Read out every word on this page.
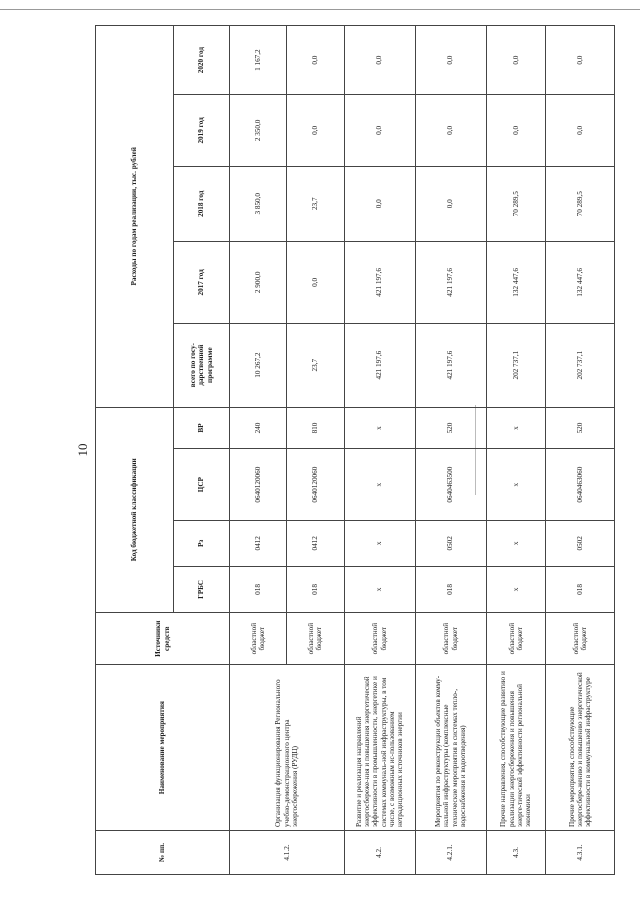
10
№ пп.	Наименование мероприятия	Источники средств	Код бюджетной классификации				Расходы по годам реализации, тыс. рублей				
			ГРБС	Рз	ЦСР	ВР	всего по госу-дарственной программе	2017 год	2018 год	2019 год	2020 год
4.1.2.	Организация функционирования Регионального учебно-демонстрационного центра энергосбережения (РУДЦ)	областной бюджет	018	0412	0640120060	240	10 267,2	2 900,0	3 850,0	2 350,0	1 167,2
		областной бюджет	018	0412	0640120060	810	23,7	0,0	23,7	0,0	0,0
4.2.	Развитие и реализация направлений энергосбереже-ния и повышения энергетической эффективности в промышленности, энергетике и системах коммуналь-ной инфраструктуры, в том числе, с возможным ис-пользованием нетрадиционных источников энергии	областной бюджет	х	х	х	х	421 197,6	421 197,6	0,0	0,0	0,0
4.2.1.	Мероприятия по реконструкции объектов комму-нальной инфраструктуры (комплексные технические мероприятия в системах тепло-, водоснабжения и водоотведения)	областной бюджет	018	0502	0640463500	520	421 197,6	421 197,6	0,0	0,0	0,0
4.3.	Прочие направления, способствующие развитию и реализации энергосбережения и повышения энерге-тической эффективности региональной экономики	областной бюджет	х	х	х	х	202 737,1	132 447,6	70 289,5	0,0	0,0
4.3.1.	Прочие мероприятия, способствующие энергосбере-жению и повышению энергетической эффективности в коммунальной инфраструктуре	областной бюджет	018	0502	0640463060	520	202 737,1	132 447,6	70 289,5	0,0	0,0
